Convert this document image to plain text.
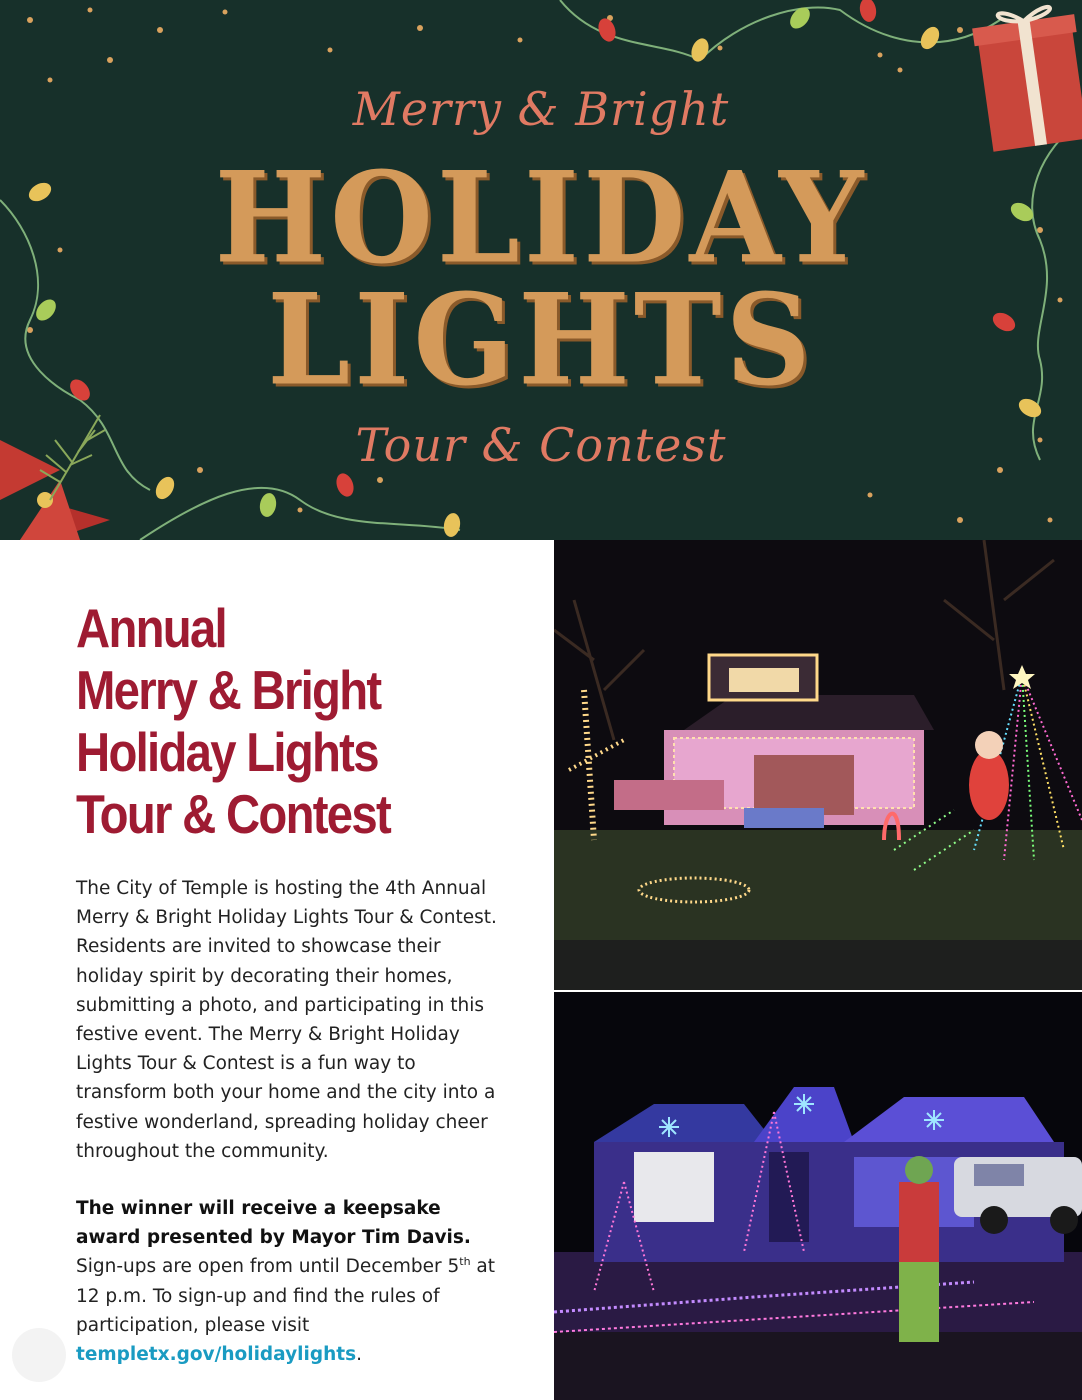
Merry & Bright
HOLIDAY
LIGHTS
Tour & Contest
Annual
Merry & Bright
Holiday Lights
Tour & Contest

The City of Temple is hosting the 4th Annual Merry & Bright Holiday Lights Tour & Contest. Residents are invited to showcase their holiday spirit by decorating their homes, submitting a photo, and participating in this festive event. The Merry & Bright Holiday Lights Tour & Contest is a fun way to transform both your home and the city into a festive wonderland, spreading holiday cheer throughout the community.

The winner will receive a keepsake award presented by Mayor Tim Davis. Sign-ups are open from until December 5th at 12 p.m. To sign-up and find the rules of participation, please visit templetx.gov/holidaylights.
